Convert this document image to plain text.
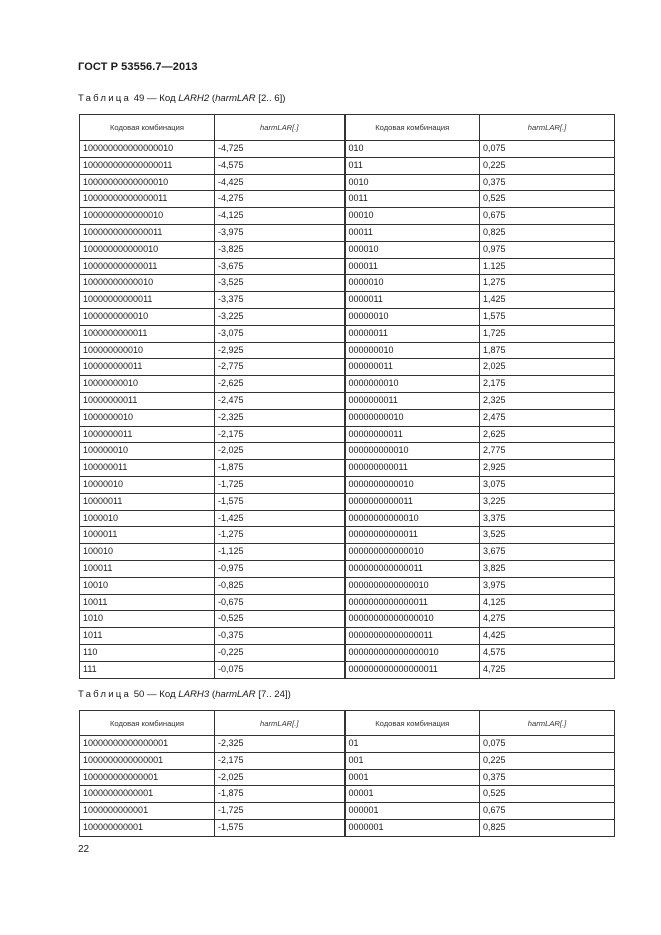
ГОСТ Р 53556.7—2013
Таблица 49 — Код LARH2 (harmLAR [2.. 6])
Кодовая комбинация	harmLAR[.]	Кодовая комбинация	harmLAR[.]
100000000000000010	-4,725	010	0,075
100000000000000011	-4,575	011	0,225
10000000000000010	-4,425	0010	0,375
10000000000000011	-4,275	0011	0,525
1000000000000010	-4,125	00010	0,675
1000000000000011	-3,975	00011	0,825
100000000000010	-3,825	000010	0,975
100000000000011	-3,675	000011	1.125
10000000000010	-3,525	0000010	1,275
10000000000011	-3,375	0000011	1,425
1000000000010	-3,225	00000010	1,575
1000000000011	-3,075	00000011	1,725
100000000010	-2,925	000000010	1,875
100000000011	-2,775	000000011	2,025
10000000010	-2,625	0000000010	2,175
10000000011	-2,475	0000000011	2,325
1000000010	-2,325	00000000010	2,475
1000000011	-2,175	00000000011	2,625
100000010	-2,025	000000000010	2,775
100000011	-1,875	000000000011	2,925
10000010	-1,725	0000000000010	3,075
10000011	-1,575	0000000000011	3,225
1000010	-1,425	00000000000010	3,375
1000011	-1,275	00000000000011	3,525
100010	-1,125	000000000000010	3,675
100011	-0,975	000000000000011	3,825
10010	-0,825	0000000000000010	3,975
10011	-0,675	0000000000000011	4,125
1010	-0,525	00000000000000010	4,275
1011	-0,375	00000000000000011	4,425
110	-0,225	000000000000000010	4,575
111	-0,075	000000000000000011	4,725
Таблица 50 — Код LARH3 (harmLAR [7.. 24])
Кодовая комбинация	harmLAR[.]	Кодовая комбинация	harmLAR[.]
10000000000000001	-2,325	01	0,075
1000000000000001	-2,175	001	0,225
100000000000001	-2,025	0001	0,375
10000000000001	-1,875	00001	0,525
1000000000001	-1,725	000001	0,675
100000000001	-1,575	0000001	0,825
22
